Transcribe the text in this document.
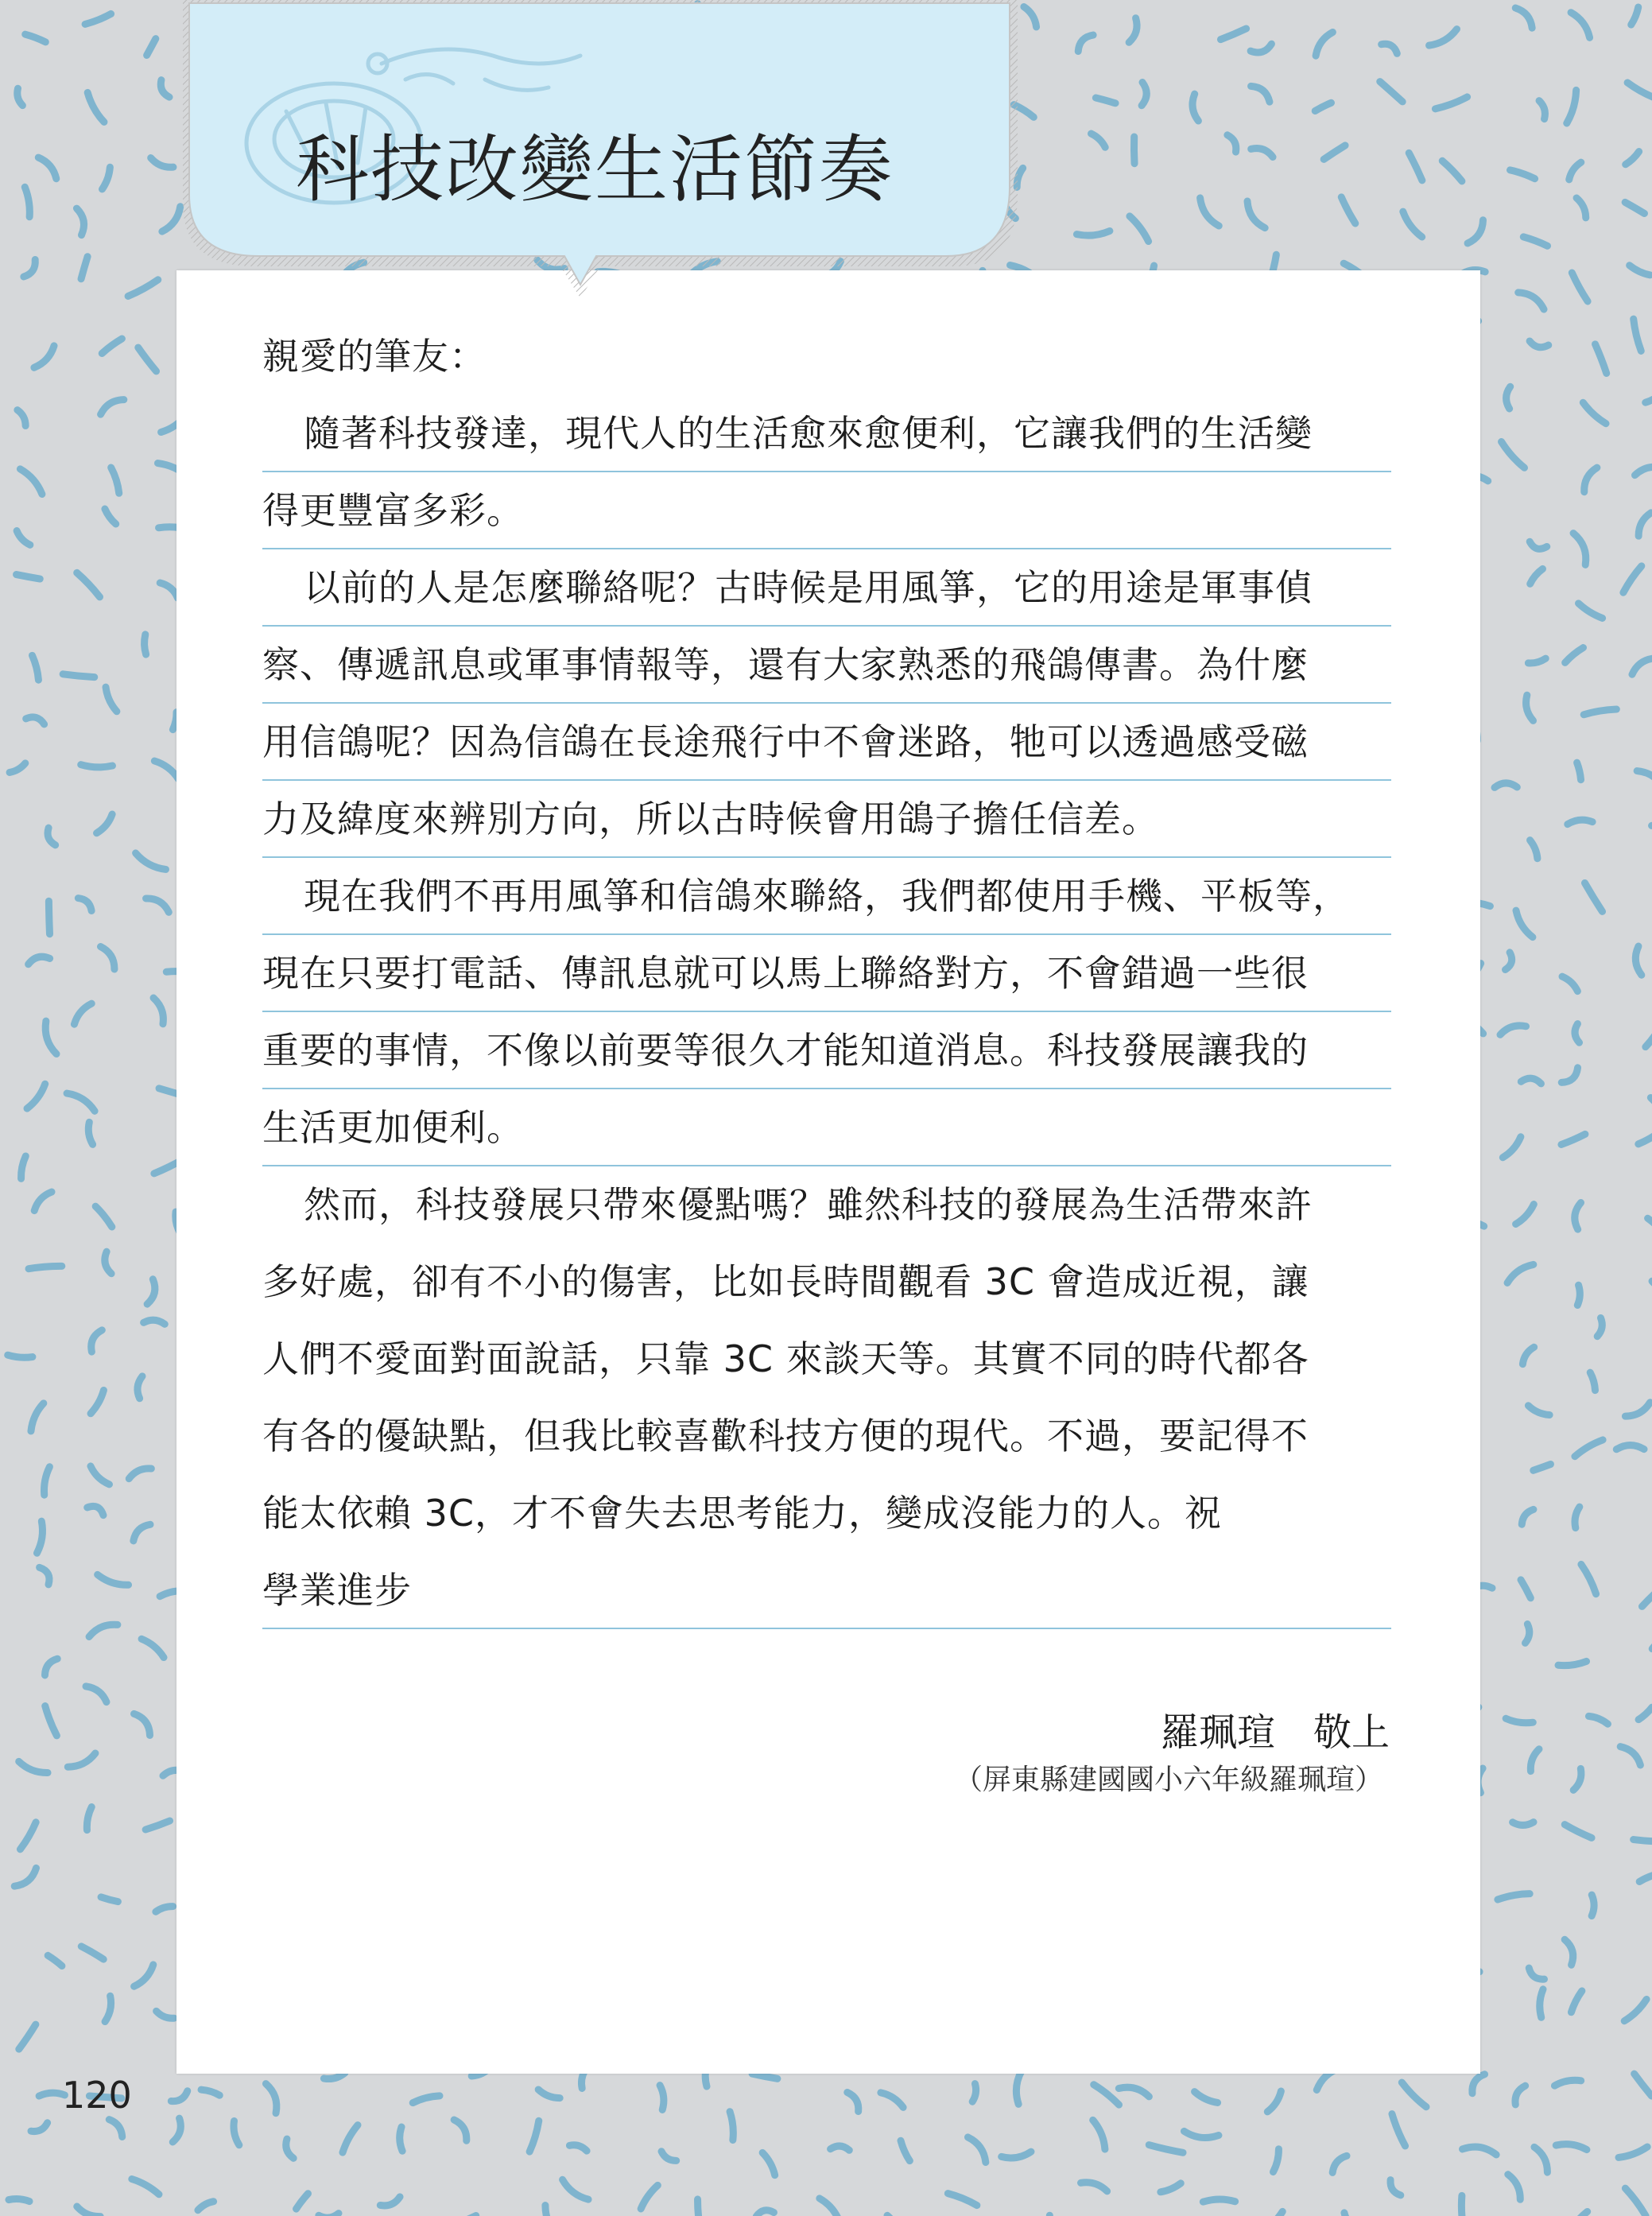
科技改變生活節奏
親愛的筆友：
隨著科技發達，現代人的生活愈來愈便利，它讓我們的生活變
得更豐富多彩。
以前的人是怎麼聯絡呢？古時候是用風箏，它的用途是軍事偵
察、傳遞訊息或軍事情報等，還有大家熟悉的飛鴿傳書。為什麼
用信鴿呢？因為信鴿在長途飛行中不會迷路，牠可以透過感受磁
力及緯度來辨別方向，所以古時候會用鴿子擔任信差。
現在我們不再用風箏和信鴿來聯絡，我們都使用手機、平板等，
現在只要打電話、傳訊息就可以馬上聯絡對方，不會錯過一些很
重要的事情，不像以前要等很久才能知道消息。科技發展讓我的
生活更加便利。
然而，科技發展只帶來優點嗎？雖然科技的發展為生活帶來許
多好處，卻有不小的傷害，比如長時間觀看 3C 會造成近視，讓
人們不愛面對面說話，只靠 3C 來談天等。其實不同的時代都各
有各的優缺點，但我比較喜歡科技方便的現代。不過，要記得不
能太依賴 3C，才不會失去思考能力，變成沒能力的人。祝
學業進步
羅珮瑄　敬上
（屏東縣建國國小六年級羅珮瑄）
120
